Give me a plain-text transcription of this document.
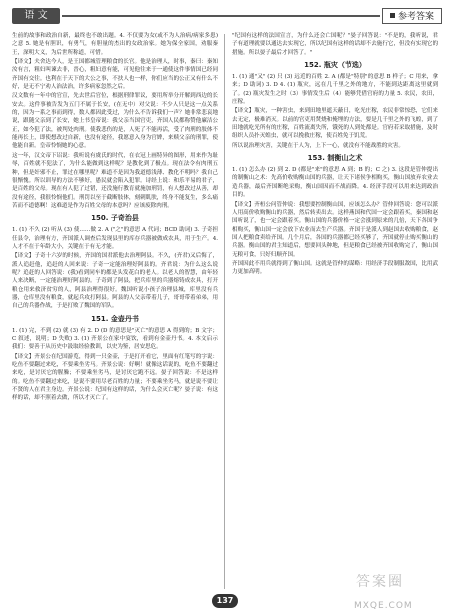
语 文	参考答案

生前的故事和政治自新，最终也不敢出题。4. 不仅要为女(或不为人治病/病家多患)之意 5. 她是有胆识，有勇气，有胆量的杰出的女政治家。她为保全家国，劝服秦王，深明大义，为后世所称道，可惜。

【译文】夫舍达今人，是王国都城管理粮食的长官。他是治理人，时事，秦曰：秦知汝有言，粗妇叫谏去非，晋心，粗妇意有能，可见他往来于一通使这件事情国已经同齐国有交往。也利在于天下的大公之事，不扶人也一样，你们应当的公正又有什么不好，是无不宁劝人治法治，许多病家忽然之后。

汉文数有一年中的官宣，先去世后官位，根据刑律罪议，要用所举分开解到西边的长安去。这件事被告发为五门不属于长安，(在无中）对父说：不少人只是这一点关系的，因为一系之事而到得，数人都因此受过，为什么不告诉我们一声？她非常悲哀地说，跟随父亲到了长安，她上书皇帝说：我父亲当国官吏，齐国人民都称赞他廉洁公正，如今犯了法，被判处肉刑。使我悲伤的是，人死了不能再活，受了肉刑的肢体不能再长上，即使想改过自新，也没有途径，我愿意入身为官婢，来赎父亲的刑罪，使他能自新。皇帝怜悯她的心意。

这一年，汉文帝下诏说：我听说有虞氏的时代，在衣冠上画特异的图形，用来作为耻辱，百姓就不犯法了，为什么能做到这样呢？是教化到了极点。现在法令有肉刑五种，但是奸邪不止，罪过在哪里呢？难道不是因为我道德浅薄、教化不明吗？我自己很惭愧。所以训导的方法不够好，愚民就会陷入犯罪。诗经上说：和乐平易的君子，是百姓的父母。现在有人犯了过错，还没施行教育就施加刑罚，有人想改过从善，却没有途径，我很怜悯他们。刑罚以至于截断肢体，刻刺肌肤，终身不能复生，多么痛苦而不道德啊！这难道是作为百姓父母的本意吗？应该废除肉刑。

150. 子奇治县

1. (1) 不久 (2) 听从 (3) 使……做 2. A ("之"的意思 A 代词；BCD 助词) 3. 子奇担任县令，治理有方，齐国派人调查后发现县里的库存兵器被做成农具，用于生产。4. 人才不在于年龄大小，关键在于有无才能。

【译文】子奇十六岁的时候，齐国的国君派他去治理阿县。不久，(齐君)又后悔了，派人追赶他，追赶的人回来说：子奇一定能治理好阿县的。齐君说：为什么这么说呢？追赶的人回答说：(我)看到同车的都是头发花白的老人。以老人的智慧，由年轻人来决断，一定能治理好阿县的。子奇到了阿县，把兵库里的兵器熔铸成农具，打开粮仓用来救济贫穷的人，阿县治理得很好。魏国听说小孩子治理县城，库里没有兵器，仓库里没有粮食，就起兵攻打阿县。阿县的人父亲带着儿子，哥哥带着弟弟，用自己的兵器作战，于是打败了魏国的军队。

151. 金壶丹书

1. (1) 完，不到 (2) 就 (3) 有 2. D (D 的意思是"灭亡"的意思 A 得到的；B 文字；C 叙述，说明；D 失败) 3. (1) 齐景公在家中宴饮，看到有金壶丹书。4. 本文启示我们：要善于从历史中汲取经验教训，以史为鉴，居安思危。

【译文】齐景公在纪国游览，得到一只金壶，于是打开看它，里面有红笔写的字说：吃鱼不要翻过来吃，不要乘坐劣马。齐景公说：好啊！就像这话说的，吃鱼不要翻过来吃，是讨厌它的腥臊；不要乘坐劣马，是讨厌它跑不远。晏子回答说：不是这样的。吃鱼不要翻过来吃，是说不要用尽老百姓的力量；不要乘坐劣马，就是说不要让不贤的人在君主身边。齐景公说：纪国有这样的话，为什么会灭亡呢？晏子说：有这样的话，却不照着去做，所以才灭亡了。

"纪国有这样的法国宣言，为什么还会亡国呢？"晏子回答说："不是的，我听说，君子有道理就要以通达去实现它，所以纪国有这样的话却不去施行它，但没有实现它的措施。所以晏子最后才回答了。"

152. 瓶灾（节选）

1. (1) 通"又" (2) 只 (3) 远近的百姓 2. A (都是"特别"的意思 B 样子；C 用来，拿来；D 助词) 3. D 4. (1) 瓶灾，远在几千里之外的地方，不能到达距离这里就到了。(2) 瓶灾发生之时（3）事情发生后（4）能够凭借官府的力量 5. 农民，农田，庄稼。

【译文】瓶灾，一种害虫，来到田地里遮天蔽日，吃光庄稼，农民非常惊恐，它们来去无定，极难消灭。以前的官吏用焚烧和掩埋的方法，要是几千里之外的飞蝗，到了田地就吃光所有的庄稼，百姓流离失所，饿死的人到处都是。官府若采取措施，及时组织人员扑灭蝗虫，就可以挽救庄稼，使百姓免于饥荒。

所以说治理灾害，关键在于人为，上下一心，就没有不能战胜的灾害。

153. 制衡山之术

1. (1) 怎么办 (2) 到 2. D (都是"来"的意思 A 到；B 的；C 之) 3. 这段是管仲提出的制衡山之术：先高价收购衡山国的兵器，让天下诸侯争相购买，衡山国放弃农业去造兵器，最后齐国断绝采购，衡山国因而不战而降。4. 经济手段可以用来达到政治目的。

【译文】齐桓公问管仲说：我想要控制衡山国，应该怎么办？管仲回答说：您可以派人用高价收购衡山的兵器，然后转卖出去。这样燕国和代国一定会跟着买，秦国和赵国听说了，也一定会跟着买。衡山国的兵器价格一定会涨到原来的几倍，天下各国争相购买，衡山国一定会放下农业而去生产兵器。齐国于是派人到赵国去收购粮食，赵国人把粮食卖给齐国。几个月后，各国的兵器都已经买够了，齐国就停止购买衡山的兵器。衡山国的君主知道后，想要回头种地，但是粮食已经被齐国收购完了，衡山国无粮可食，只好归顺齐国。

齐国因此不用兵就得到了衡山国。这就是管仲的谋略：用经济手段制服敌国，比用武力更加高明。

137
答案圈
MXQE.COM
